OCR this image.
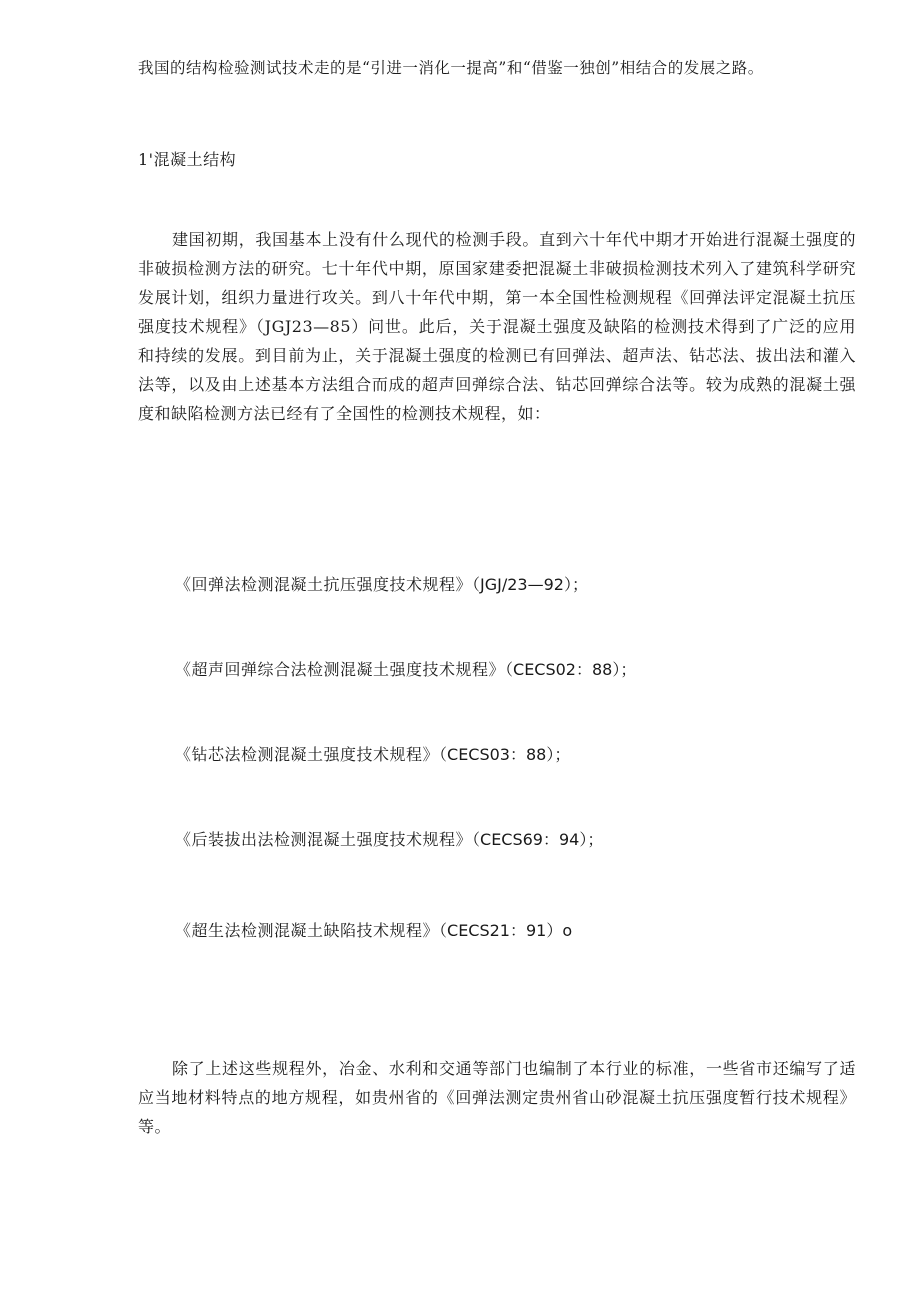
我国的结构检验测试技术走的是“引进一消化一提高”和“借鉴一独创”相结合的发展之路。
1'混凝土结构
建国初期，我国基本上没有什么现代的检测手段。直到六十年代中期才开始进行混凝土强度的非破损检测方法的研究。七十年代中期，原国家建委把混凝土非破损检测技术列入了建筑科学研究发展计划，组织力量进行攻关。到八十年代中期，第一本全国性检测规程《回弹法评定混凝土抗压强度技术规程》（JGJ23—85）问世。此后，关于混凝土强度及缺陷的检测技术得到了广泛的应用和持续的发展。到目前为止，关于混凝土强度的检测已有回弹法、超声法、钻芯法、拔出法和灌入法等，以及由上述基本方法组合而成的超声回弹综合法、钻芯回弹综合法等。较为成熟的混凝土强度和缺陷检测方法已经有了全国性的检测技术规程，如：
《回弹法检测混凝土抗压强度技术规程》（JGJ/23—92）；
《超声回弹综合法检测混凝土强度技术规程》（CECS02：88）；
《钻芯法检测混凝土强度技术规程》（CECS03：88）；
《后装拔出法检测混凝土强度技术规程》（CECS69：94）；
《超生法检测混凝土缺陷技术规程》（CECS21：91）o
除了上述这些规程外，冶金、水利和交通等部门也编制了本行业的标准，一些省市还编写了适应当地材料特点的地方规程，如贵州省的《回弹法测定贵州省山砂混凝土抗压强度暂行技术规程》等。
